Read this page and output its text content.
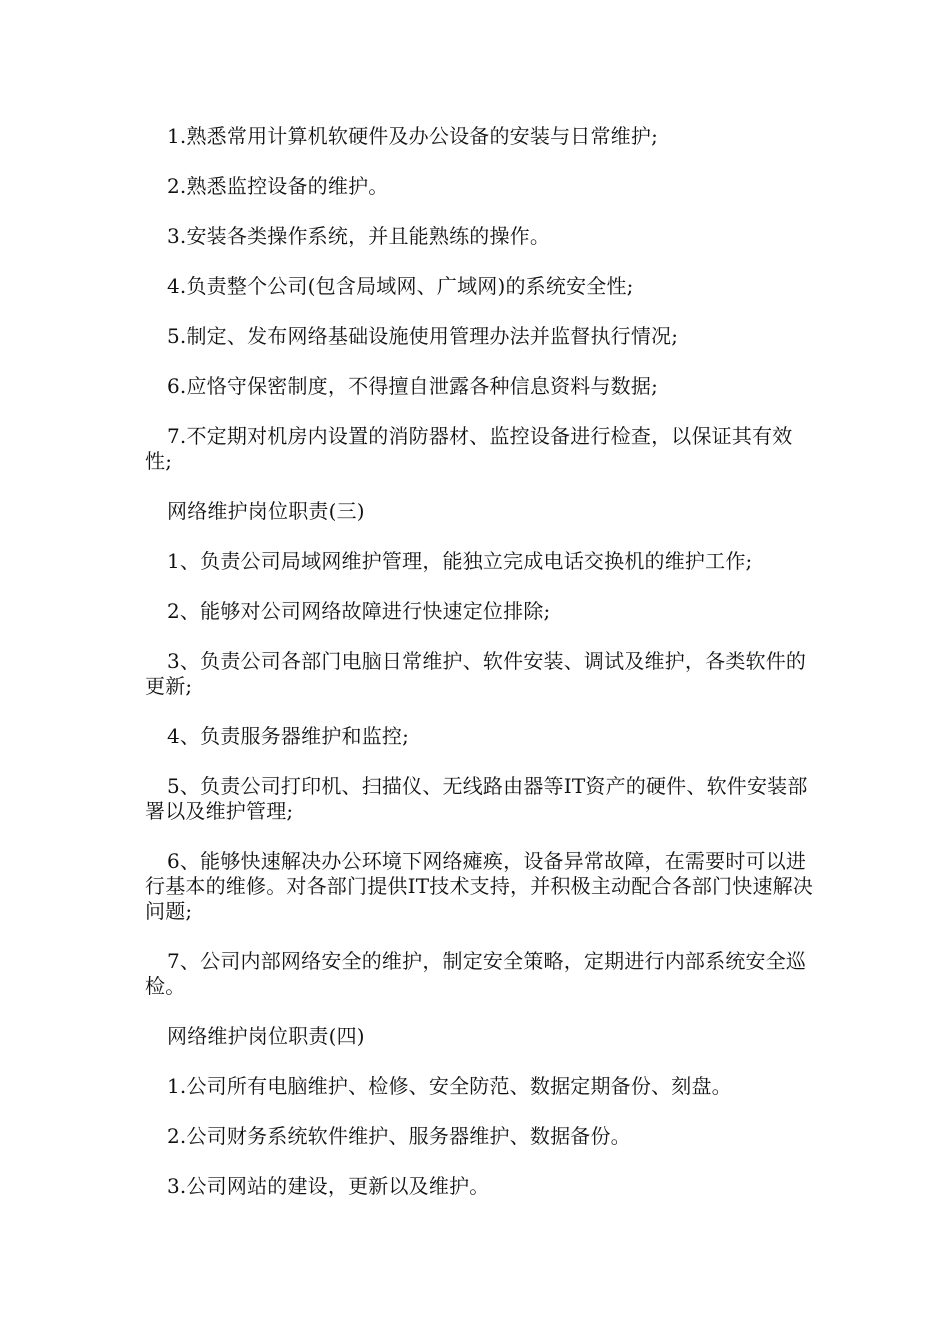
1.熟悉常用计算机软硬件及办公设备的安装与日常维护;

2.熟悉监控设备的维护。

3.安装各类操作系统，并且能熟练的操作。

4.负责整个公司(包含局域网、广域网)的系统安全性;

5.制定、发布网络基础设施使用管理办法并监督执行情况;

6.应恪守保密制度，不得擅自泄露各种信息资料与数据;

7.不定期对机房内设置的消防器材、监控设备进行检查，以保证其有效性;

网络维护岗位职责(三)

1、负责公司局域网维护管理，能独立完成电话交换机的维护工作;

2、能够对公司网络故障进行快速定位排除;

3、负责公司各部门电脑日常维护、软件安装、调试及维护，各类软件的更新;

4、负责服务器维护和监控;

5、负责公司打印机、扫描仪、无线路由器等IT资产的硬件、软件安装部署以及维护管理;

6、能够快速解决办公环境下网络瘫痪，设备异常故障，在需要时可以进行基本的维修。对各部门提供IT技术支持，并积极主动配合各部门快速解决问题;

7、公司内部网络安全的维护，制定安全策略，定期进行内部系统安全巡检。

网络维护岗位职责(四)

1.公司所有电脑维护、检修、安全防范、数据定期备份、刻盘。

2.公司财务系统软件维护、服务器维护、数据备份。

3.公司网站的建设，更新以及维护。
